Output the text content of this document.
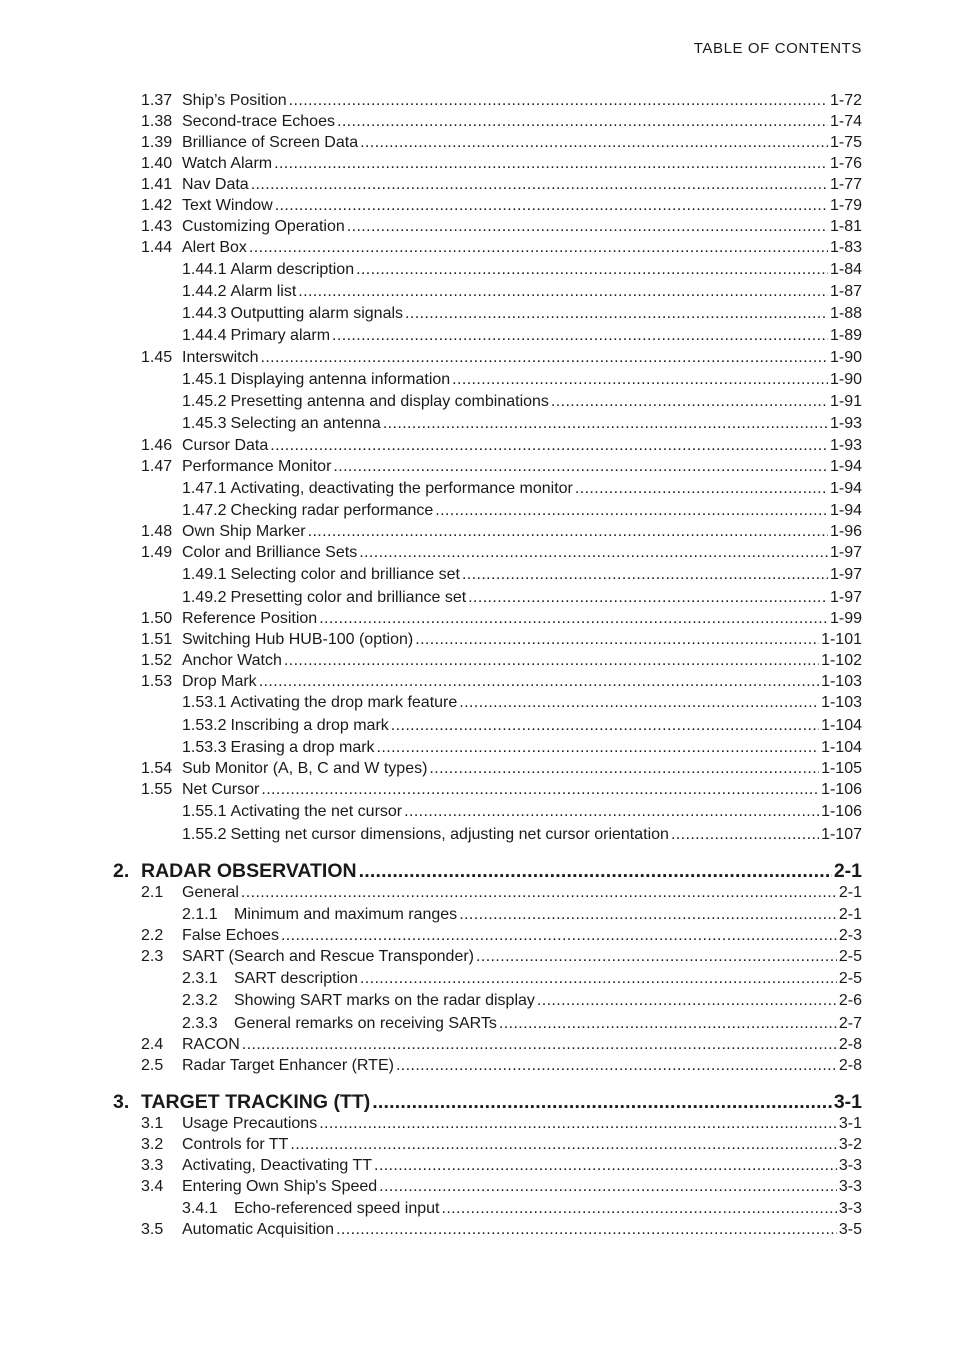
TABLE OF CONTENTS
1.37 Ship’s Position .....	1-72
1.38 Second-trace Echoes .....	1-74
1.39 Brilliance of Screen Data .....	1-75
1.40 Watch Alarm .....	1-76
1.41 Nav Data .....	1-77
1.42 Text Window .....	1-79
1.43 Customizing Operation .....	1-81
1.44 Alert Box .....	1-83
1.44.1 Alarm description .....	1-84
1.44.2 Alarm list .....	1-87
1.44.3 Outputting alarm signals .....	1-88
1.44.4 Primary alarm .....	1-89
1.45 Interswitch .....	1-90
1.45.1 Displaying antenna information .....	1-90
1.45.2 Presetting antenna and display combinations .....	1-91
1.45.3 Selecting an antenna .....	1-93
1.46 Cursor Data .....	1-93
1.47 Performance Monitor .....	1-94
1.47.1 Activating, deactivating the performance monitor .....	1-94
1.47.2 Checking radar performance .....	1-94
1.48 Own Ship Marker .....	1-96
1.49 Color and Brilliance Sets .....	1-97
1.49.1 Selecting color and brilliance set .....	1-97
1.49.2 Presetting color and brilliance set .....	1-97
1.50 Reference Position .....	1-99
1.51 Switching Hub HUB-100 (option) .....	1-101
1.52 Anchor Watch .....	1-102
1.53 Drop Mark .....	1-103
1.53.1 Activating the drop mark feature .....	1-103
1.53.2 Inscribing a drop mark .....	1-104
1.53.3 Erasing a drop mark .....	1-104
1.54 Sub Monitor (A, B, C and W types) .....	1-105
1.55 Net Cursor .....	1-106
1.55.1 Activating the net cursor .....	1-106
1.55.2 Setting net cursor dimensions, adjusting net cursor orientation .....	1-107
2. RADAR OBSERVATION .....	2-1
2.1	General .....	2-1
2.1.1	Minimum and maximum ranges .....	2-1
2.2	False Echoes .....	2-3
2.3	SART (Search and Rescue Transponder) .....	2-5
2.3.1	SART description .....	2-5
2.3.2	Showing SART marks on the radar display .....	2-6
2.3.3	General remarks on receiving SARTs .....	2-7
2.4	RACON .....	2-8
2.5	Radar Target Enhancer (RTE) .....	2-8
3. TARGET TRACKING (TT) .....	3-1
3.1	Usage Precautions .....	3-1
3.2	Controls for TT .....	3-2
3.3	Activating, Deactivating TT .....	3-3
3.4	Entering Own Ship's Speed .....	3-3
3.4.1	Echo-referenced speed input .....	3-3
3.5	Automatic Acquisition .....	3-5
